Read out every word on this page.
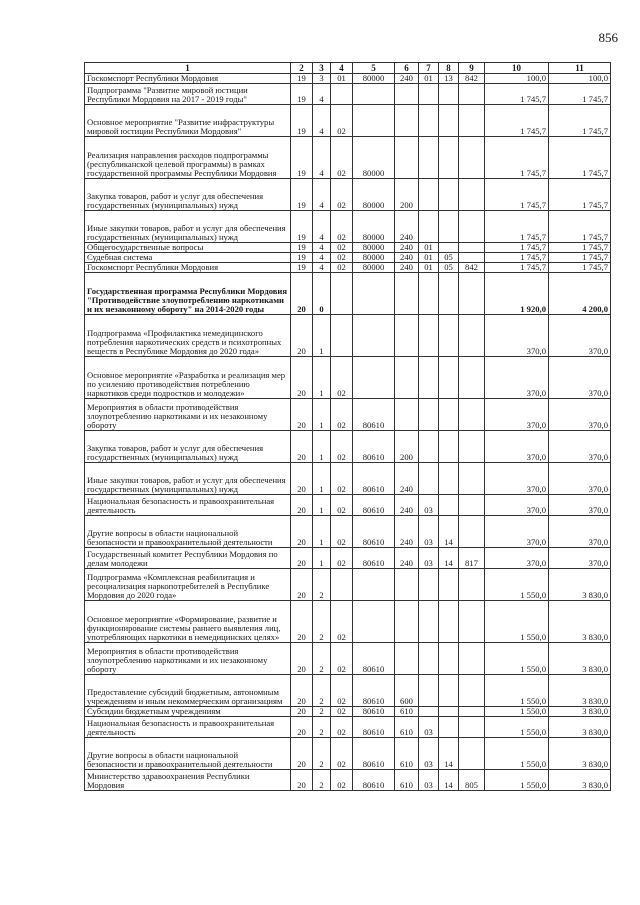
856
1	2	3	4	5	6	7	8	9	10	11
Госкомспорт Республики Мордовия	19	3	01	80000	240	01	13	842	100,0	100,0
Подпрограмма "Развитие мировой юстиции Республики Мордовия на 2017 - 2019 годы"	19	4							1 745,7	1 745,7
Основное мероприятие "Развитие инфраструктуры мировой юстиции Республики Мордовия"	19	4	02						1 745,7	1 745,7
Реализация направления расходов подпрограммы (республиканской целевой программы) в рамках государственной программы Республики Мордовия	19	4	02	80000					1 745,7	1 745,7
Закупка товаров, работ и услуг для обеспечения государственных (муниципальных) нужд	19	4	02	80000	200				1 745,7	1 745,7
Иные закупки товаров, работ и услуг для обеспечения государственных (муниципальных) нужд	19	4	02	80000	240				1 745,7	1 745,7
Общегосударственные вопросы	19	4	02	80000	240	01			1 745,7	1 745,7
Судебная система	19	4	02	80000	240	01	05		1 745,7	1 745,7
Госкомспорт Республики Мордовия	19	4	02	80000	240	01	05	842	1 745,7	1 745,7
Государственная программа Республики Мордовия "Противодействие злоупотреблению наркотиками и их незаконному обороту" на 2014-2020 годы	20	0							1 920,0	4 200,0
Подпрограмма «Профилактика немедицинского потребления наркотических средств и психотропных веществ в Республике Мордовия до 2020 года»	20	1							370,0	370,0
Основное мероприятие «Разработка и реализация мер по усилению противодействия потреблению наркотиков среди подростков и молодежи»	20	1	02						370,0	370,0
Мероприятия в области противодействия злоупотреблению наркотиками и их незаконному обороту	20	1	02	80610					370,0	370,0
Закупка товаров, работ и услуг для обеспечения государственных (муниципальных) нужд	20	1	02	80610	200				370,0	370,0
Иные закупки товаров, работ и услуг для обеспечения государственных (муниципальных) нужд	20	1	02	80610	240				370,0	370,0
Национальная безопасность и правоохранительная деятельность	20	1	02	80610	240	03			370,0	370,0
Другие вопросы в области национальной безопасности и правоохранительной деятельности	20	1	02	80610	240	03	14		370,0	370,0
Государственный комитет Республики Мордовия по делам молодежи	20	1	02	80610	240	03	14	817	370,0	370,0
Подпрограмма «Комплексная реабилитация и ресоциализация наркопотребителей в Республике Мордовия до 2020 года»	20	2							1 550,0	3 830,0
Основное мероприятие «Формирование, развитие и функционирование системы раннего выявления лиц, употребляющих наркотики в немедицинских целях»	20	2	02						1 550,0	3 830,0
Мероприятия в области противодействия злоупотреблению наркотиками и их незаконному обороту	20	2	02	80610					1 550,0	3 830,0
Предоставление субсидий бюджетным, автономным учреждениям и иным некоммерческим организациям	20	2	02	80610	600				1 550,0	3 830,0
Субсидии бюджетным учреждениям	20	2	02	80610	610				1 550,0	3 830,0
Национальная безопасность и правоохранительная деятельность	20	2	02	80610	610	03			1 550,0	3 830,0
Другие вопросы в области национальной безопасности и правоохранительной деятельности	20	2	02	80610	610	03	14		1 550,0	3 830,0
Министерство здравоохранения Республики Мордовия	20	2	02	80610	610	03	14	805	1 550,0	3 830,0
